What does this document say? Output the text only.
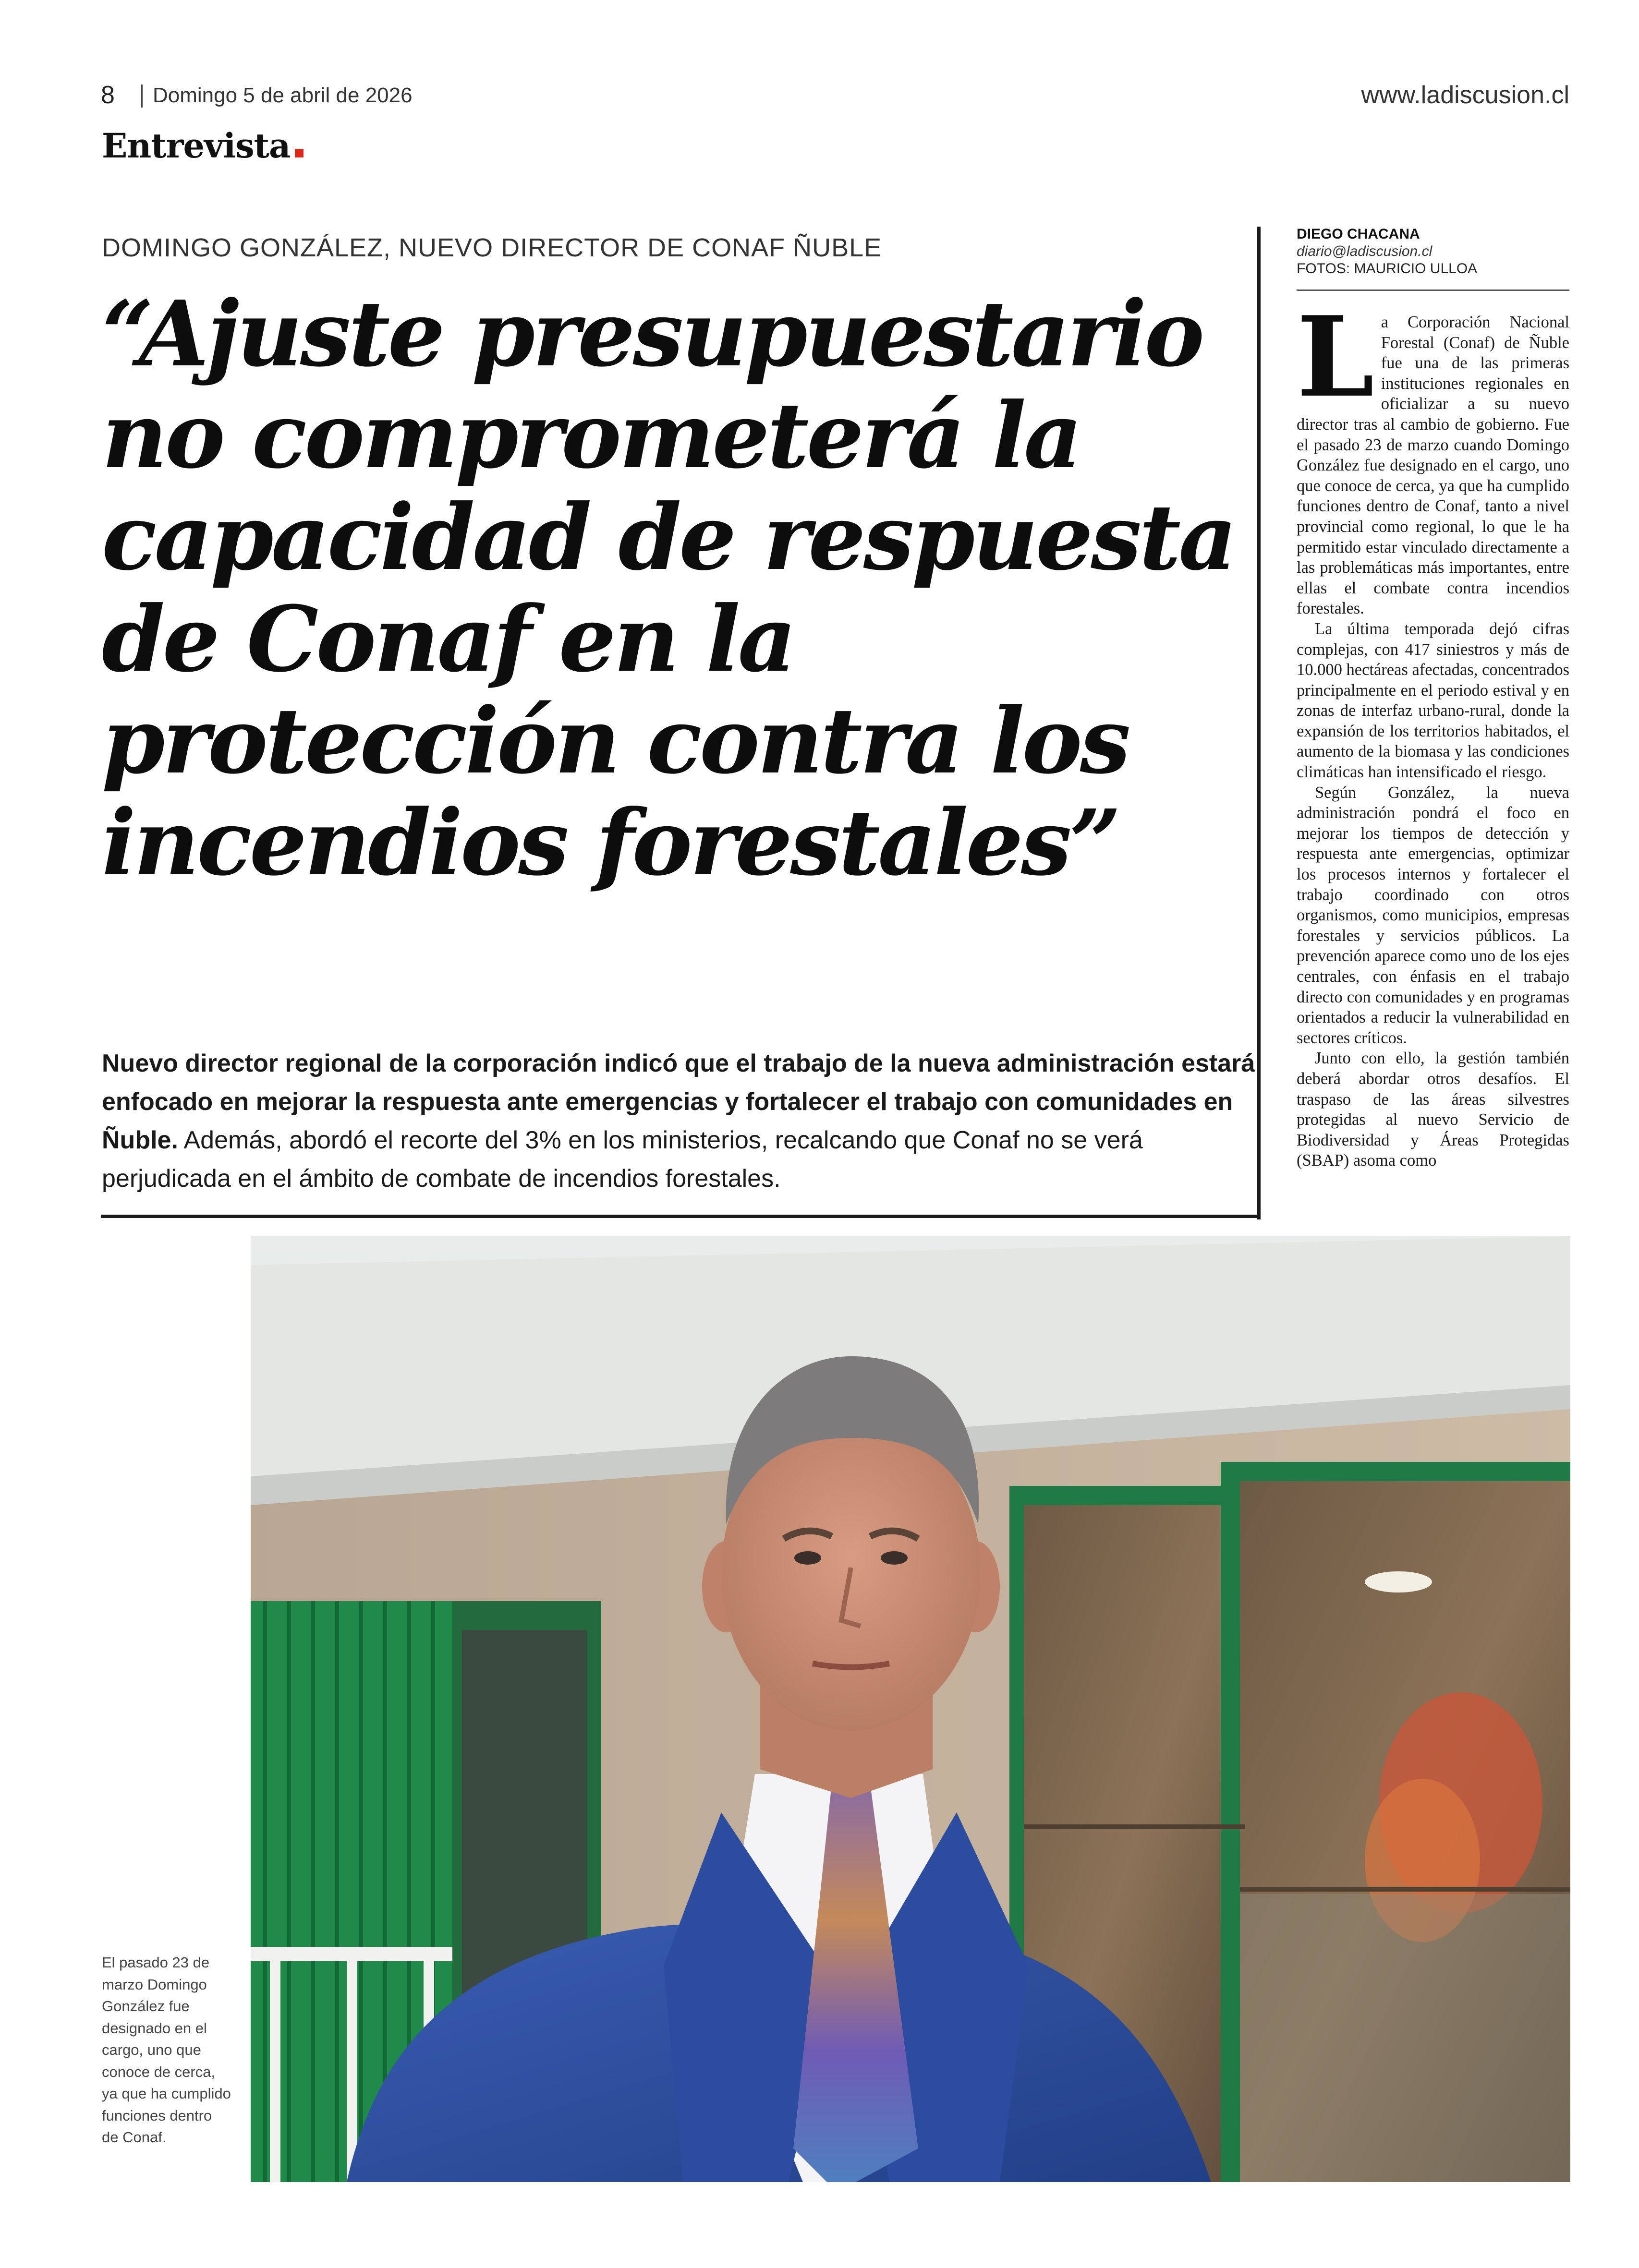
8 Domingo 5 de abril de 2026	www.ladiscusion.cl
Entrevista
DOMINGO GONZÁLEZ, NUEVO DIRECTOR DE CONAF ÑUBLE
“Ajuste presupuestario no comprometerá la capacidad de respuesta de Conaf en la protección contra los incendios forestales”
Nuevo director regional de la corporación indicó que el trabajo de la nueva administración estará enfocado en mejorar la respuesta ante emergencias y fortalecer el trabajo con comunidades en Ñuble. Además, abordó el recorte del 3% en los ministerios, recalcando que Conaf no se verá perjudicada en el ámbito de combate de incendios forestales.
DIEGO CHACANA
diario@ladiscusion.cl
FOTOS: MAURICIO ULLOA

La Corporación Nacional Forestal (Conaf) de Ñuble fue una de las primeras instituciones regionales en oficializar a su nuevo director tras al cambio de gobierno. Fue el pasado 23 de marzo cuando Domingo González fue designado en el cargo, uno que conoce de cerca, ya que ha cumplido funciones dentro de Conaf, tanto a nivel provincial como regional, lo que le ha permitido estar vinculado directamente a las problemáticas más importantes, entre ellas el combate contra incendios forestales.

La última temporada dejó cifras complejas, con 417 siniestros y más de 10.000 hectáreas afectadas, concentrados principalmente en el periodo estival y en zonas de interfaz urbano-rural, donde la expansión de los territorios habitados, el aumento de la biomasa y las condiciones climáticas han intensificado el riesgo.

Según González, la nueva administración pondrá el foco en mejorar los tiempos de detección y respuesta ante emergencias, optimizar los procesos internos y fortalecer el trabajo coordinado con otros organismos, como municipios, empresas forestales y servicios públicos. La prevención aparece como uno de los ejes centrales, con énfasis en el trabajo directo con comunidades y en programas orientados a reducir la vulnerabilidad en sectores críticos.

Junto con ello, la gestión también deberá abordar otros desafíos. El traspaso de las áreas silvestres protegidas al nuevo Servicio de Biodiversidad y Áreas Protegidas (SBAP) asoma como

El pasado 23 de marzo Domingo González fue designado en el cargo, uno que conoce de cerca, ya que ha cumplido funciones dentro de Conaf.
